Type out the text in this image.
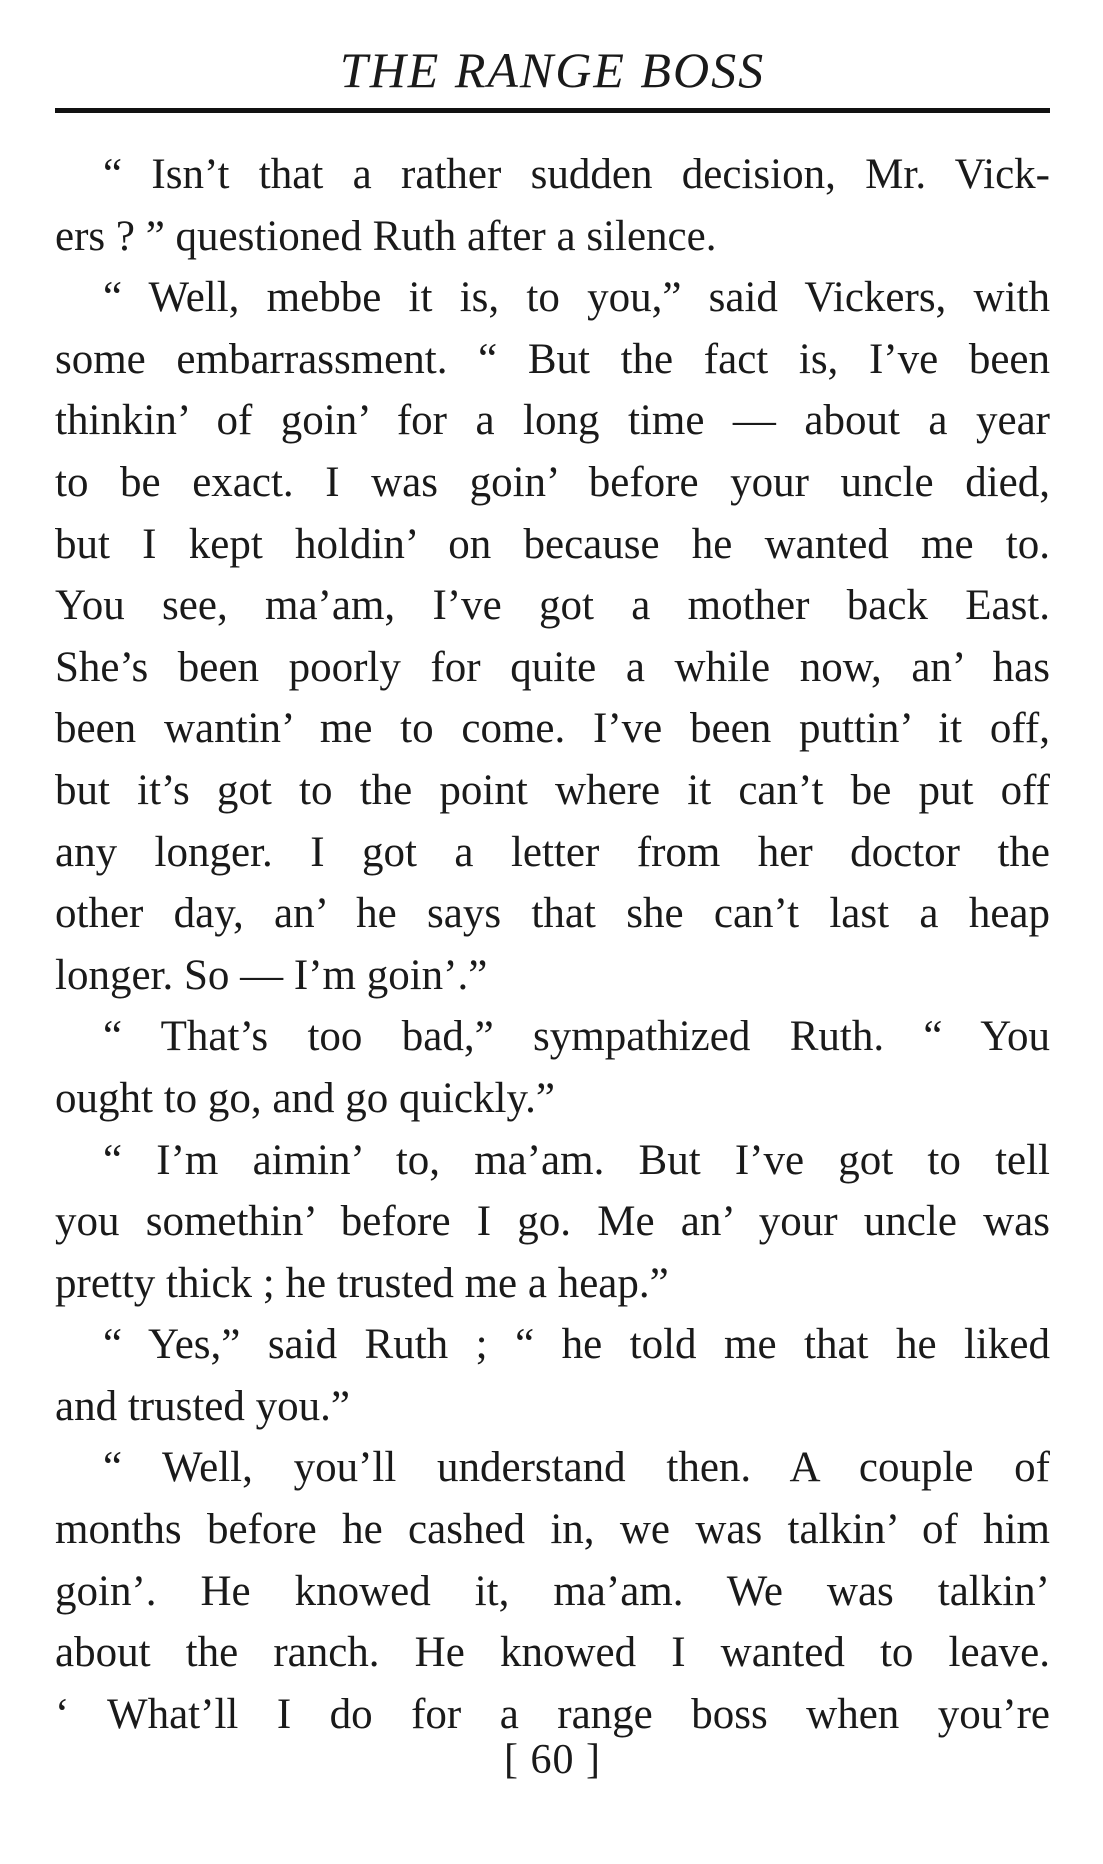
THE RANGE BOSS
“ Isn’t that a rather sudden decision, Mr. Vick-
ers ? ” questioned Ruth after a silence.
“ Well, mebbe it is, to you,” said Vickers, with
some embarrassment. “ But the fact is, I’ve been
thinkin’ of goin’ for a long time — about a year
to be exact. I was goin’ before your uncle died,
but I kept holdin’ on because he wanted me to.
You see, ma’am, I’ve got a mother back East.
She’s been poorly for quite a while now, an’ has
been wantin’ me to come. I’ve been puttin’ it off,
but it’s got to the point where it can’t be put off
any longer. I got a letter from her doctor the
other day, an’ he says that she can’t last a heap
longer. So — I’m goin’.”
“ That’s too bad,” sympathized Ruth. “ You
ought to go, and go quickly.”
“ I’m aimin’ to, ma’am. But I’ve got to tell
you somethin’ before I go. Me an’ your uncle was
pretty thick ; he trusted me a heap.”
“ Yes,” said Ruth ; “ he told me that he liked
and trusted you.”
“ Well, you’ll understand then. A couple of
months before he cashed in, we was talkin’ of him
goin’. He knowed it, ma’am. We was talkin’
about the ranch. He knowed I wanted to leave.
‘ What’ll I do for a range boss when you’re
[ 60 ]
